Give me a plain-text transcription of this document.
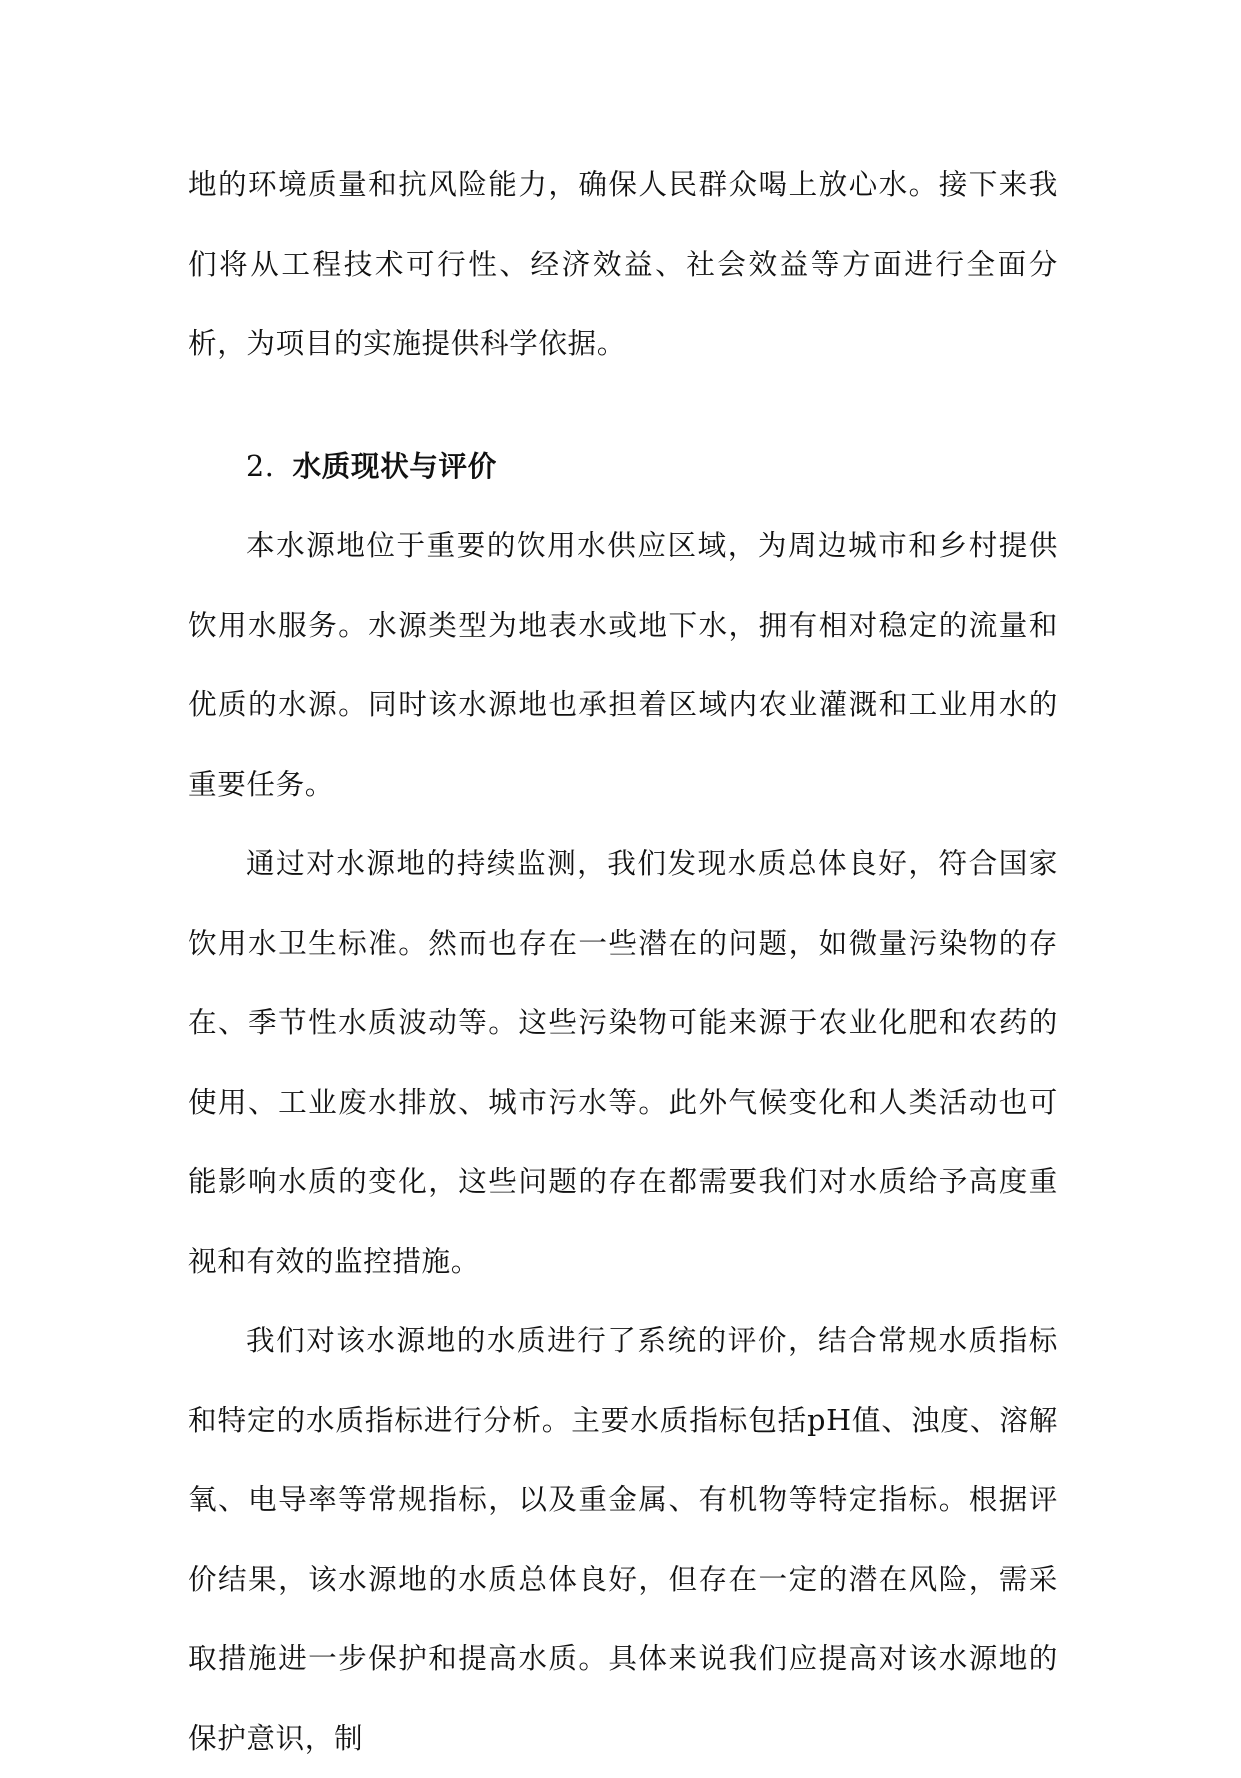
地的环境质量和抗风险能力，确保人民群众喝上放心水。接下来我们将从工程技术可行性、经济效益、社会效益等方面进行全面分析，为项目的实施提供科学依据。

2. 水质现状与评价

本水源地位于重要的饮用水供应区域，为周边城市和乡村提供饮用水服务。水源类型为地表水或地下水，拥有相对稳定的流量和优质的水源。同时该水源地也承担着区域内农业灌溉和工业用水的重要任务。

通过对水源地的持续监测，我们发现水质总体良好，符合国家饮用水卫生标准。然而也存在一些潜在的问题，如微量污染物的存在、季节性水质波动等。这些污染物可能来源于农业化肥和农药的使用、工业废水排放、城市污水等。此外气候变化和人类活动也可能影响水质的变化，这些问题的存在都需要我们对水质给予高度重视和有效的监控措施。

我们对该水源地的水质进行了系统的评价，结合常规水质指标和特定的水质指标进行分析。主要水质指标包括pH值、浊度、溶解氧、电导率等常规指标，以及重金属、有机物等特定指标。根据评价结果，该水源地的水质总体良好，但存在一定的潜在风险，需采取措施进一步保护和提高水质。具体来说我们应提高对该水源地的保护意识，制
